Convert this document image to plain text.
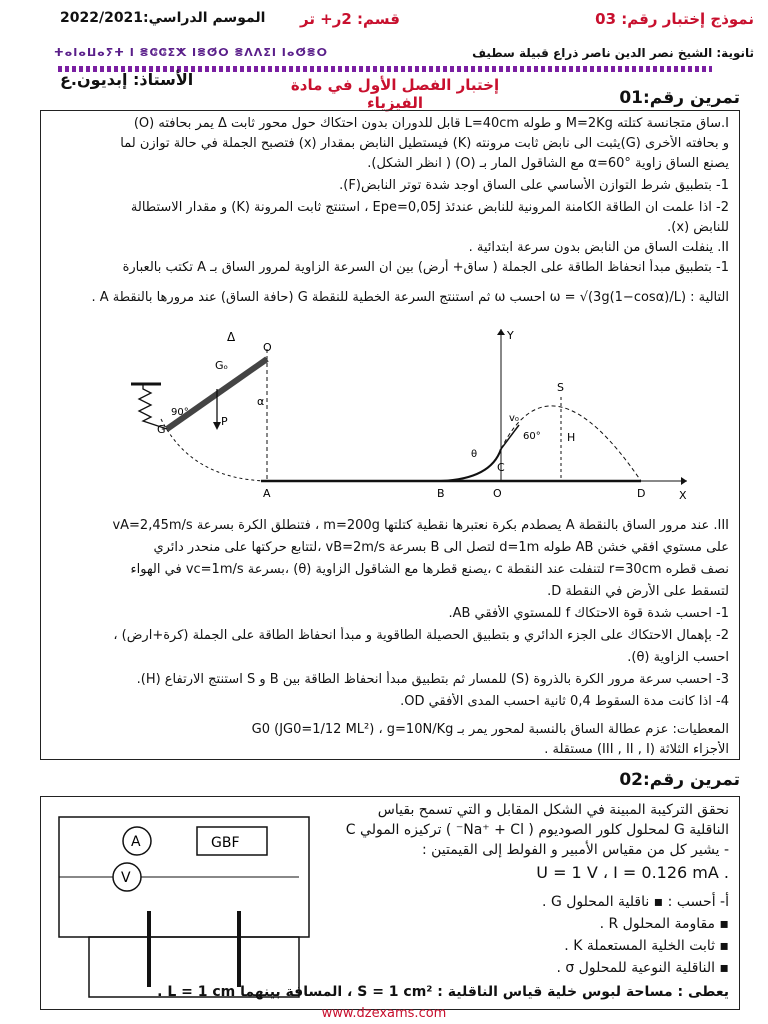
نموذج إختبار رقم: 03
قسم: 2ر+ تر
الموسم الدراسي:2022/2021
ثانوية: الشيخ نصر الدين ناصر ذراع قبيلة سطيف
ⵜⴰⵏⴰⵡⴰⵢⵜ ⵏ ⴻⵛⵛⵉⵅ ⵏⴻⵚⵔ ⴻⴷⴷⵉⵏ ⵏⴰⵚⴻⵔ
الأستاذ: إبديون.ع	إختبار الفصل الأول في مادة الفيزياء	تمرين رقم:01
I.ساق متجانسة كتلته M=2Kg و طوله L=40cm قابل للدوران بدون احتكاك حول محور ثابت Δ يمر بحافته (O)
و بحافته الأخرى (G)يثبت الى نابض ثابت مرونته (K) فيستطيل النابض بمقدار (x) فتصبح الجملة في حالة توازن لما
يصنع الساق زاوية α=60° مع الشاقول المار بـ (O) ( انظر الشكل).
1- بتطبيق شرط التوازن الأساسي على الساق اوجد شدة توتر النابض(F).
2- اذا علمت ان الطاقة الكامنة المرونية للنابض عندئذ Epe=0,05J ، استنتج ثابت المرونة (K) و مقدار الاستطالة
للنابض (x).
II. ينفلت الساق من النابض بدون سرعة ابتدائية .
1- بتطبيق مبدأ انحفاظ الطاقة على الجملة ( ساق+ أرض) بين ان السرعة الزاوية لمرور الساق بـ A تكتب بالعبارة
التالية : ω = √(3g(1−cosα)/L) احسب ω ثم استنتج السرعة الخطية للنقطة G (حافة الساق) عند مرورها بالنقطة A .
Δ
O
Gₒ
90°
G
α
P
A	B
C
D
O
Y
X
S
H
v₀
θ
60°
III. عند مرور الساق بالنقطة A يصطدم بكرة نعتبرها نقطية كتلتها m=200g ، فتنطلق الكرة بسرعة vA=2,45m/s
على مستوي افقي خشن AB طوله d=1m لتصل الى B بسرعة vB=2m/s ،لتتابع حركتها على منحدر دائري
نصف قطره r=30cm لتنفلت عند النقطة c ،يصنع قطرها مع الشاقول الزاوية (θ) ،بسرعة vc=1m/s في الهواء
لتسقط على الأرض في النقطة D.
1- احسب شدة قوة الاحتكاك f للمستوي الأفقي AB.
2- بإهمال الاحتكاك على الجزء الدائري و بتطبيق الحصيلة الطاقوية و مبدأ انحفاظ الطاقة على الجملة (كرة+ارض) ،
احسب الزاوية (θ).
3- احسب سرعة مرور الكرة بالذروة (S) للمسار ثم بتطبيق مبدأ انحفاظ الطاقة بين B و S استنتج الارتفاع (H).
4- اذا كانت مدة السقوط 0,4 ثانية احسب المدى الأفقي OD.
المعطيات: عزم عطالة الساق بالنسبة لمحور يمر بـ G0 (JG0=1/12 ML²) ، g=10N/Kg
الأجزاء الثلاثة (III , II , I) مستقلة .
تمرين رقم:02
A	GBF
V
نحقق التركيبة المبينة في الشكل المقابل و التي تسمح بقياس
الناقلية G لمحلول كلور الصوديوم ( Na⁺ + Cl⁻ ) تركيزه المولي C
- يشير كل من مقياس الأمبير و الفولط إلى القيمتين :
. U = 1 V ، I = 0.126 mA
أ- أحسب : ▪ ناقلية المحلول G .
▪ مقاومة المحلول R .
▪ ثابت الخلية المستعملة K .
▪ الناقلية النوعية للمحلول σ .
يعطى : مساحة لبوس خلية قياس الناقلية : S = 1 cm² ، المسافة بينهما L = 1 cm .
www.dzexams.com
